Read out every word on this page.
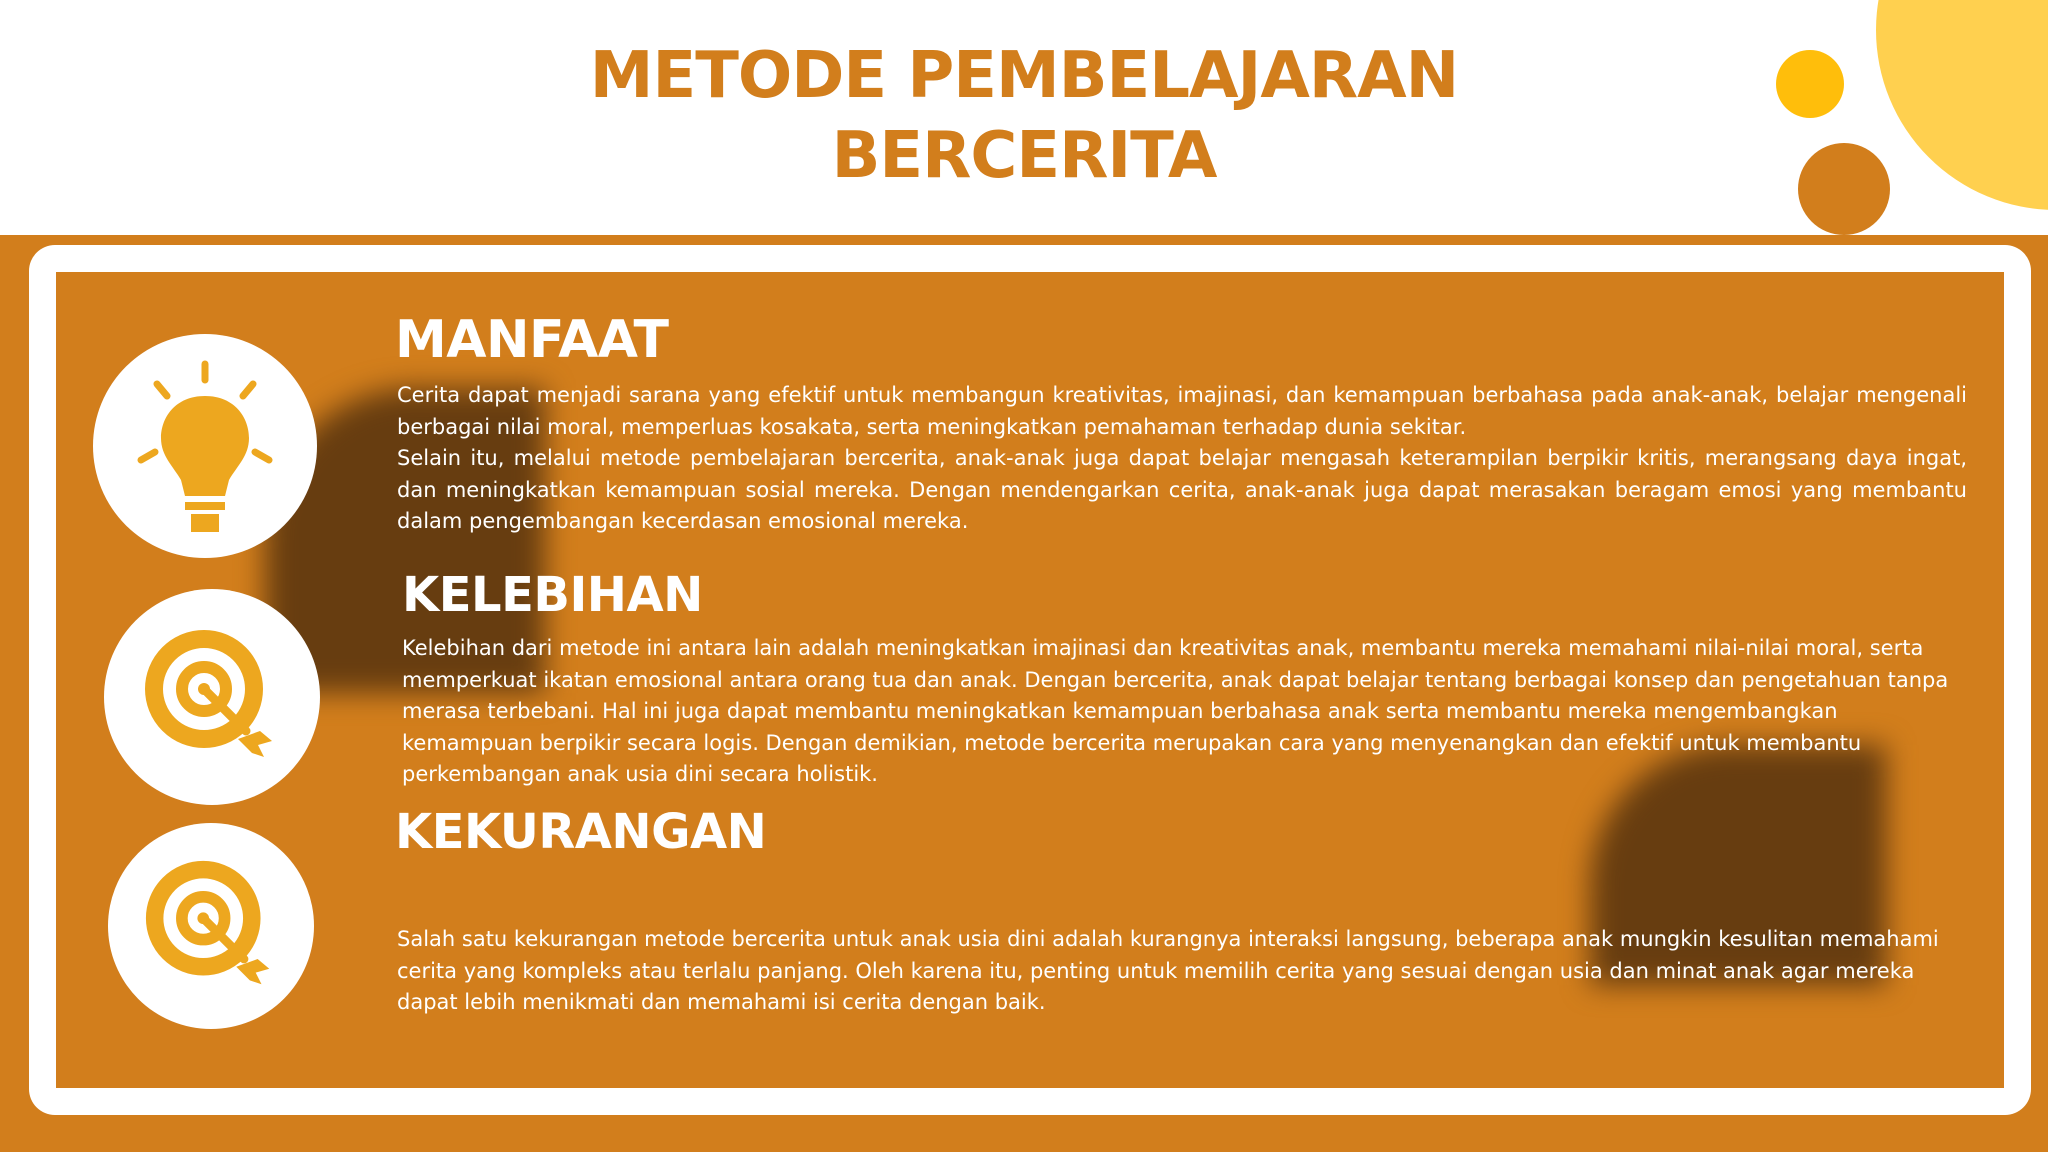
METODE PEMBELAJARAN
BERCERITA
MANFAAT
Cerita dapat menjadi sarana yang efektif untuk membangun kreativitas, imajinasi, dan kemampuan berbahasa pada anak-anak, belajar mengenali berbagai nilai moral, memperluas kosakata, serta meningkatkan pemahaman terhadap dunia sekitar.
Selain itu, melalui metode pembelajaran bercerita, anak-anak juga dapat belajar mengasah keterampilan berpikir kritis, merangsang daya ingat, dan meningkatkan kemampuan sosial mereka. Dengan mendengarkan cerita, anak-anak juga dapat merasakan beragam emosi yang membantu dalam pengembangan kecerdasan emosional mereka.
KELEBIHAN
Kelebihan dari metode ini antara lain adalah meningkatkan imajinasi dan kreativitas anak, membantu mereka memahami nilai-nilai moral, serta memperkuat ikatan emosional antara orang tua dan anak. Dengan bercerita, anak dapat belajar tentang berbagai konsep dan pengetahuan tanpa merasa terbebani. Hal ini juga dapat membantu meningkatkan kemampuan berbahasa anak serta membantu mereka mengembangkan kemampuan berpikir secara logis. Dengan demikian, metode bercerita merupakan cara yang menyenangkan dan efektif untuk membantu perkembangan anak usia dini secara holistik.
KEKURANGAN
Salah satu kekurangan metode bercerita untuk anak usia dini adalah kurangnya interaksi langsung, beberapa anak mungkin kesulitan memahami cerita yang kompleks atau terlalu panjang. Oleh karena itu, penting untuk memilih cerita yang sesuai dengan usia dan minat anak agar mereka dapat lebih menikmati dan memahami isi cerita dengan baik.
